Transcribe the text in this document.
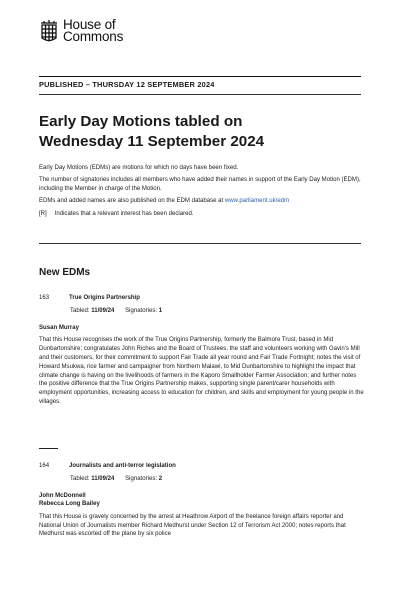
House of
Commons
PUBLISHED – THURSDAY 12 SEPTEMBER 2024
Early Day Motions tabled on
Wednesday 11 September 2024

Early Day Motions (EDMs) are motions for which no days have been fixed.

The number of signatories includes all members who have added their names in support of the Early Day Motion (EDM), including the Member in charge of the Motion.

EDMs and added names are also published on the EDM database at www.parliament.uk/edm

[R] Indicates that a relevant interest has been declared.

New EDMs
163	True Origins Partnership
Tabled: 11/09/24 Signatories: 1
Susan Murray
That this House recognises the work of the True Origins Partnership, formerly the Balmore Trust, based in Mid Dunbartonshire; congratulates John Riches and the Board of Trustees, the staff and volunteers working with Gavin's Mill and their customers, for their commitment to support Fair Trade all year round and Fair Trade Fortnight; notes the visit of Howard Msukwa, rice farmer and campaigner from Northern Malawi, to Mid Dunbartonshire to highlight the impact that climate change is having on the livelihoods of farmers in the Kaporo Smallholder Farmer Association; and further notes the positive difference that the True Origins Partnership makes, supporting single parent/carer households with employment opportunities, increasing access to education for children, and skills and employment for young people in the villages.
164	Journalists and anti-terror legislation
Tabled: 11/09/24 Signatories: 2
John McDonnell
Rebecca Long Bailey
That this House is gravely concerned by the arrest at Heathrow Airport of the freelance foreign affairs reporter and National Union of Journalists member Richard Medhurst under Section 12 of Terrorism Act 2000; notes reports that Medhurst was escorted off the plane by six police
